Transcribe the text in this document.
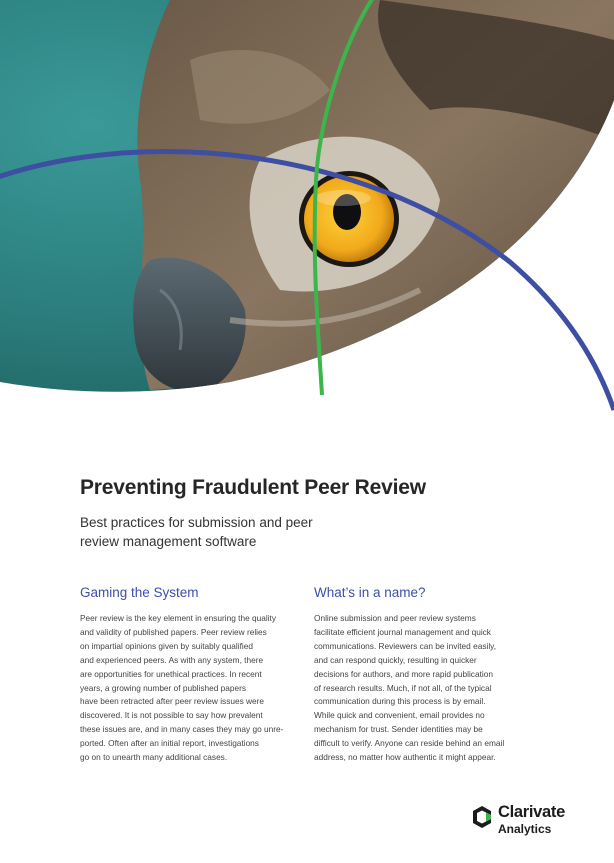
Preventing Fraudulent Peer Review

Best practices for submission and peer
review management software

Gaming the System

Peer review is the key element in ensuring the quality
and validity of published papers. Peer review relies
on impartial opinions given by suitably qualified
and experienced peers. As with any system, there
are opportunities for unethical practices. In recent
years, a growing number of published papers
have been retracted after peer review issues were
discovered. It is not possible to say how prevalent
these issues are, and in many cases they may go unre-
ported. Often after an initial report, investigations
go on to unearth many additional cases.

What’s in a name?

Online submission and peer review systems
facilitate efficient journal management and quick
communications. Reviewers can be invited easily,
and can respond quickly, resulting in quicker
decisions for authors, and more rapid publication
of research results. Much, if not all, of the typical
communication during this process is by email.
While quick and convenient, email provides no
mechanism for trust. Sender identities may be
difficult to verify. Anyone can reside behind an email
address, no matter how authentic it might appear.

Clarivate
Analytics
